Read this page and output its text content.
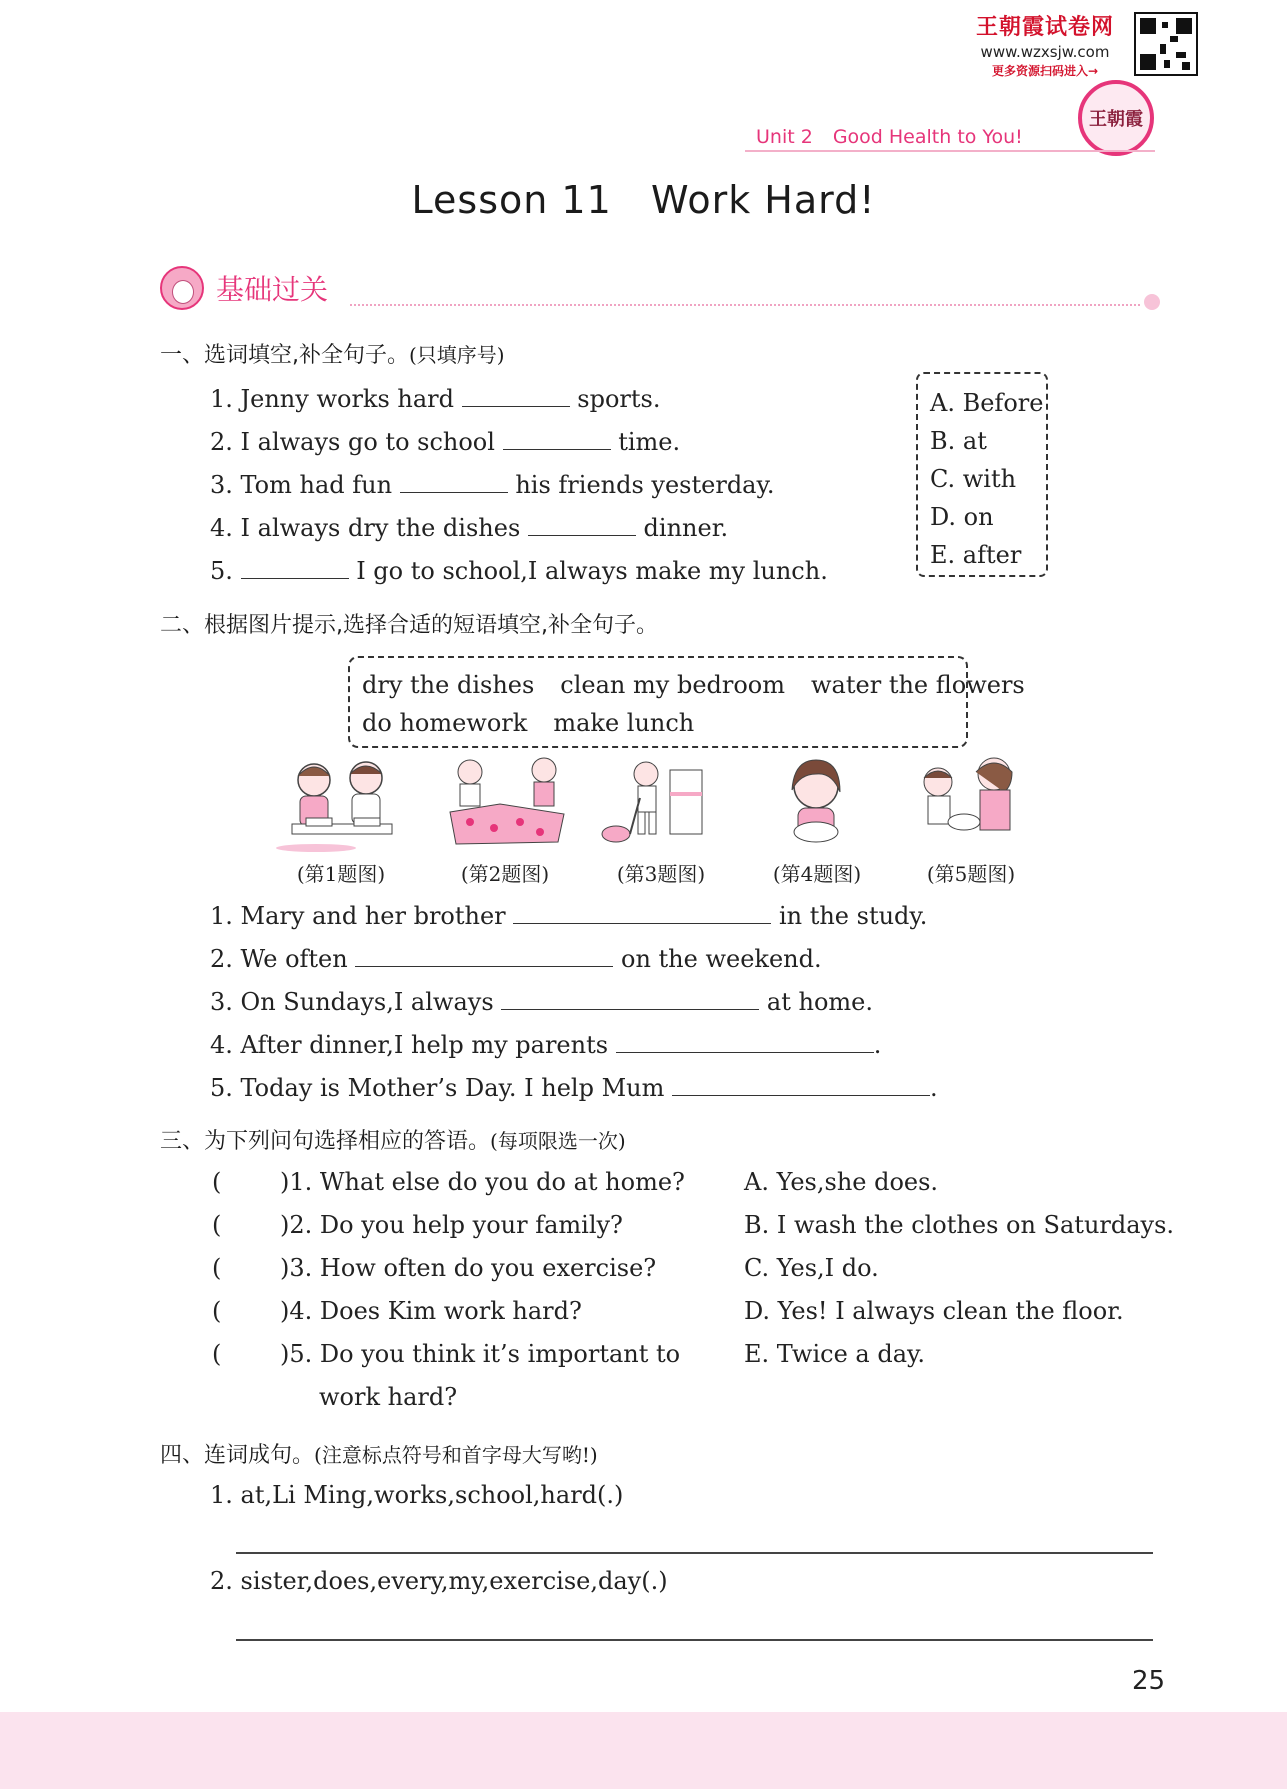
王朝霞试卷网
www.wzxsjw.com
更多资源扫码进入→
王朝霞
Unit 2 Good Health to You!
Lesson 11   Work Hard!
基础过关
一、选词填空,补全句子。(只填序号)
1. Jenny works hard	sports.
2. I always go to school	time.
3. Tom had fun	his friends yesterday.
4. I always dry the dishes	dinner.
5.	I go to school,I always make my lunch.
A. Before
B. at
C. with
D. on
E. after
二、根据图片提示,选择合适的短语填空,补全句子。
dry the dishes clean my bedroom water the flowers
do homework make lunch
(第1题图)	(第2题图)	(第3题图)	(第4题图)	(第5题图)
1. Mary and her brother	in the study.
2. We often	on the weekend.
3. On Sundays,I always	at home.
4. After dinner,I help my parents	.
5. Today is Mother’s Day. I help Mum	.
三、为下列问句选择相应的答语。(每项限选一次)
( )1. What else do you do at home? A. Yes,she does.
( )2. Do you help your family?	B. I wash the clothes on Saturdays.
( )3. How often do you exercise?	C. Yes,I do.
( )4. Does Kim work hard?	D. Yes! I always clean the floor.
( )5. Do you think it’s important to	E. Twice a day.
work hard?
四、连词成句。(注意标点符号和首字母大写哟!)
1. at,Li Ming,works,school,hard(.)
2. sister,does,every,my,exercise,day(.)
25
